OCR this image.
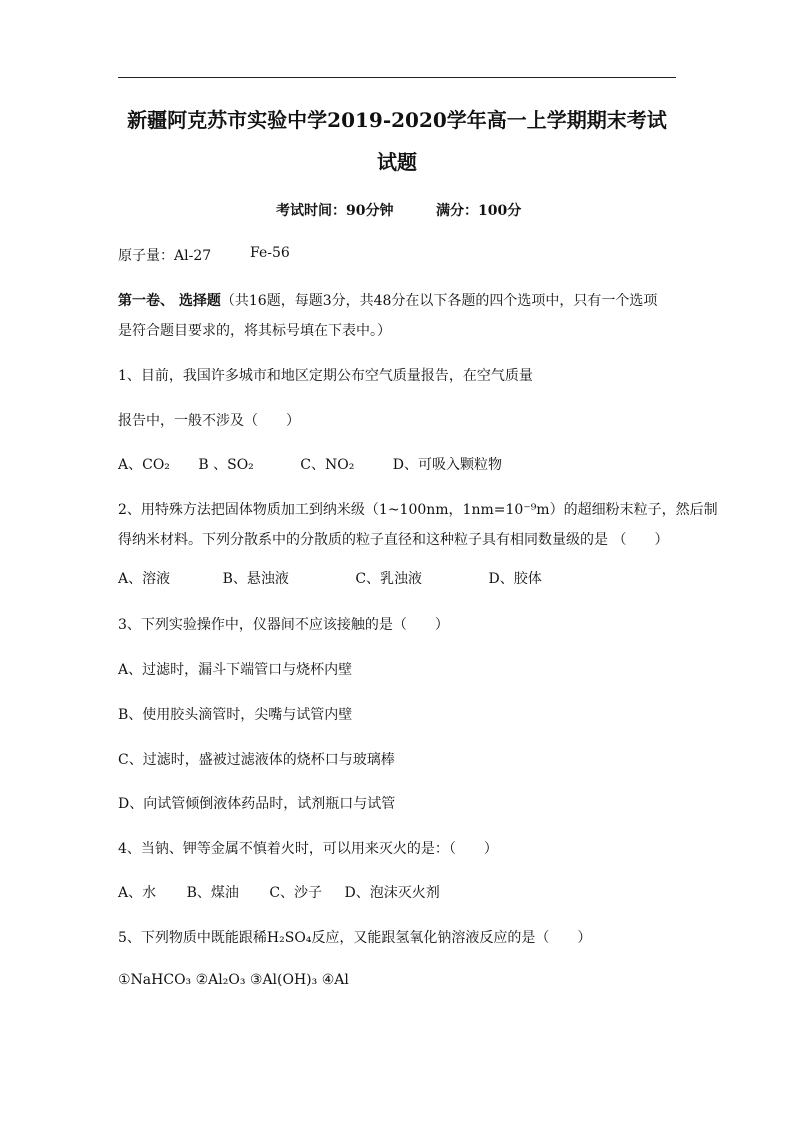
新疆阿克苏市实验中学2019-2020学年高一上学期期末考试
试题
考试时间：90分钟	满分：100分
原子量：Al-27	Fe-56
第一卷、 选择题（共16题，每题3分，共48分在以下各题的四个选项中，只有一个选项
是符合题目要求的，将其标号填在下表中。）
1、目前，我国许多城市和地区定期公布空气质量报告，在空气质量
报告中，一般不涉及（　　）
A、CO₂ B 、SO₂	C、NO₂	D、可吸入颗粒物
2、用特殊方法把固体物质加工到纳米级（1~100nm，1nm=10⁻⁹m）的超细粉末粒子，然后制
得纳米材料。下列分散系中的分散质的粒子直径和这种粒子具有相同数量级的是 （　　）
A、溶液	B、悬浊液	C、乳浊液	D、胶体
3、下列实验操作中，仪器间不应该接触的是（　　）
A、过滤时，漏斗下端管口与烧杯内壁
B、使用胶头滴管时，尖嘴与试管内壁
C、过滤时，盛被过滤液体的烧杯口与玻璃棒
D、向试管倾倒液体药品时，试剂瓶口与试管
4、当钠、钾等金属不慎着火时，可以用来灭火的是：（　　）
A、水 B、煤油 C、沙子 D、泡沫灭火剂
5、下列物质中既能跟稀H₂SO₄反应，又能跟氢氧化钠溶液反应的是（　　）
①NaHCO₃ ②Al₂O₃ ③Al(OH)₃ ④Al
